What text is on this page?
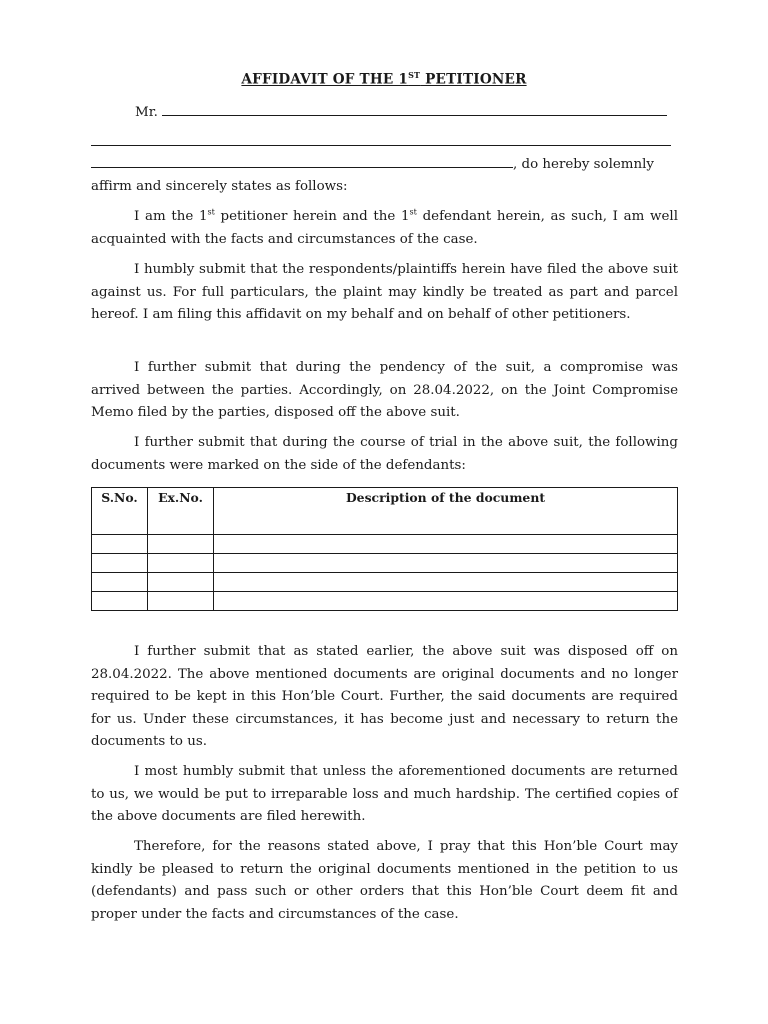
AFFIDAVIT OF THE 1ST PETITIONER
Mr.
, do hereby solemnly
affirm and sincerely states as follows:
I am the 1st petitioner herein and the 1st defendant herein, as such, I am well acquainted with the facts and circumstances of the case.
I humbly submit that the respondents/plaintiffs herein have filed the above suit against us. For full particulars, the plaint may kindly be treated as part and parcel hereof. I am filing this affidavit on my behalf and on behalf of other petitioners.
I further submit that during the pendency of the suit, a compromise was arrived between the parties. Accordingly, on 28.04.2022, on the Joint Compromise Memo filed by the parties, disposed off the above suit.
I further submit that during the course of trial in the above suit, the following documents were marked on the side of the defendants:
S.No.	Ex.No.	Description of the document

I further submit that as stated earlier, the above suit was disposed off on 28.04.2022. The above mentioned documents are original documents and no longer required to be kept in this Hon’ble Court. Further, the said documents are required for us. Under these circumstances, it has become just and necessary to return the documents to us.
I most humbly submit that unless the aforementioned documents are returned to us, we would be put to irreparable loss and much hardship. The certified copies of the above documents are filed herewith.
Therefore, for the reasons stated above, I pray that this Hon’ble Court may kindly be pleased to return the original documents mentioned in the petition to us (defendants) and pass such or other orders that this Hon’ble Court deem fit and proper under the facts and circumstances of the case.
